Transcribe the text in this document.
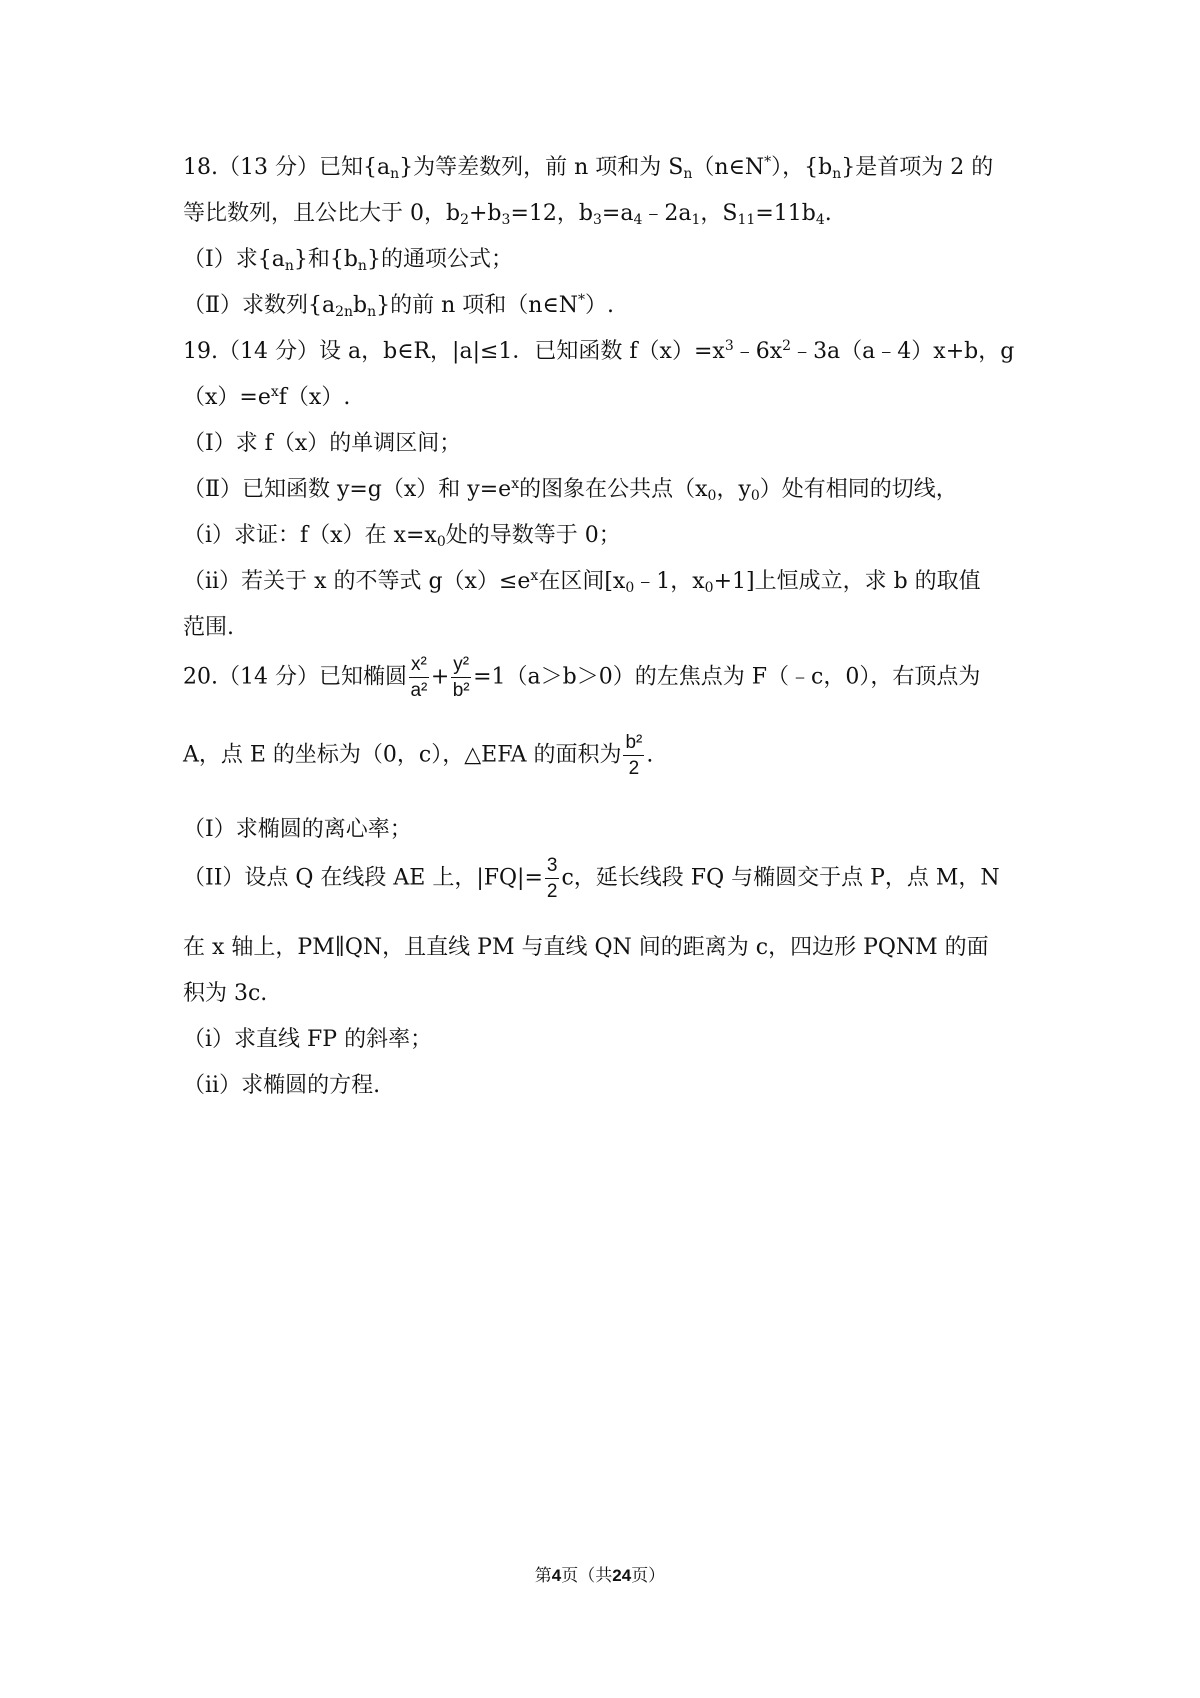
18.（13 分）已知$\{a_n\}$为等差数列，前 n 项和为 $S_n(n\in N^*)$，$\{b_n\}$是首项为 2 的
等比数列，且公比大于 0，$b_2+b_3=12$，$b_3=a_4﹣2a_1$，$S_{11}=11b_4$.
（Ⅰ）求$\{a_n\}$和$\{b_n\}$的通项公式；
（Ⅱ）求数列$\{a_{2n}b_n\}$的前 n 项和（n∈N*）.
19.（14 分）设 a，b∈R，|a|≤1．已知函数 $f(x)=x^3﹣6x^2﹣3a(a﹣4)x+b$，g
$(x)=e^xf(x)$.
（Ⅰ）求 f（x）的单调区间；
（Ⅱ）已知函数 y=g（x）和 $y=e^x$的图象在公共点（$x_0$，$y_0$）处有相同的切线，
（i）求证：f（x）在 $x=x_0$处的导数等于 0；
（ii）若关于 x 的不等式 $g(x)\le e^x$在区间[$x_0﹣1$，$x_0+1$]上恒成立，求 b 的取值
范围.
20.（14 分）已知椭圆 $\frac{\text{x²}}{\text{a²}} + \frac{\text{y²}}{\text{b²}} =1(a>b>0)$的左焦点为 F（﹣c，0），右顶点为
A，点 E 的坐标为（0，c），△EFA 的面积为 $\frac{\text{b²}}{2}$ .
（I）求椭圆的离心率；
（II）设点 Q 在线段 AE 上，$|FQ|= \frac{3}{2}$ c，延长线段 FQ 与椭圆交于点 P，点 M，N
在 x 轴上，PM∥QN，且直线 PM 与直线 QN 间的距离为 c，四边形 PQNM 的面
积为 3c.
（i）求直线 FP 的斜率；
（ii）求椭圆的方程.
第4页（共24页）
